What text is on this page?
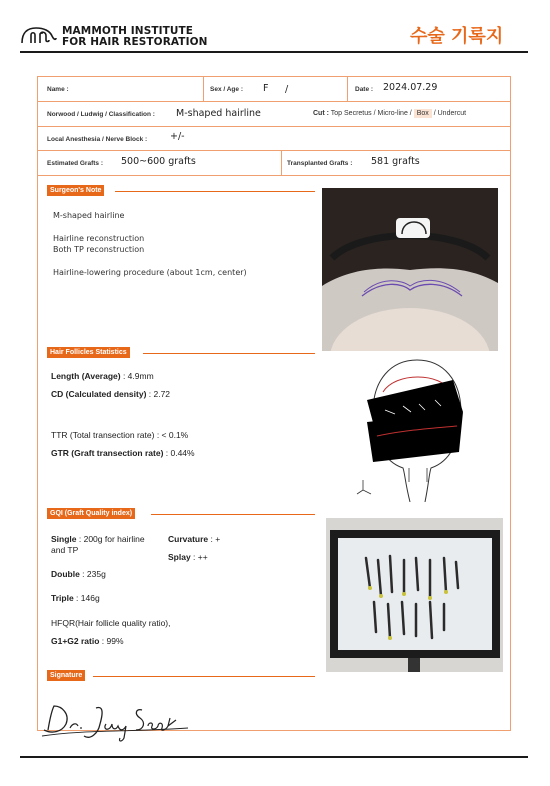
MAMMOTH INSTITUTE
FOR HAIR RESTORATION	수술 기록지
Name :	Sex / Age : F /	Date : 2024.07.29
Norwood / Ludwig / Classification : M-shaped hairline	Cut : Top Secretus / Micro-line / Box / Undercut
Local Anesthesia / Nerve Block : +/-
Estimated Grafts : 500~600 grafts	Transplanted Grafts : 581 grafts
Surgeon's Note
M-shaped hairline
Hairline reconstruction
Both TP reconstruction
Hairline-lowering procedure (about 1cm, center)
Hair Follicles Statistics
Length (Average) : 4.9mm
CD (Calculated density) : 2.72
TTR (Total transection rate) : < 0.1%
GTR (Graft transection rate) : 0.44%
GQI (Graft Quality index)
Single : 200g for hairline
and TP
Curvature : +
Splay : ++
Double : 235g
Triple : 146g
HFQR(Hair follicle quality ratio),
G1+G2 ratio : 99%
Signature
